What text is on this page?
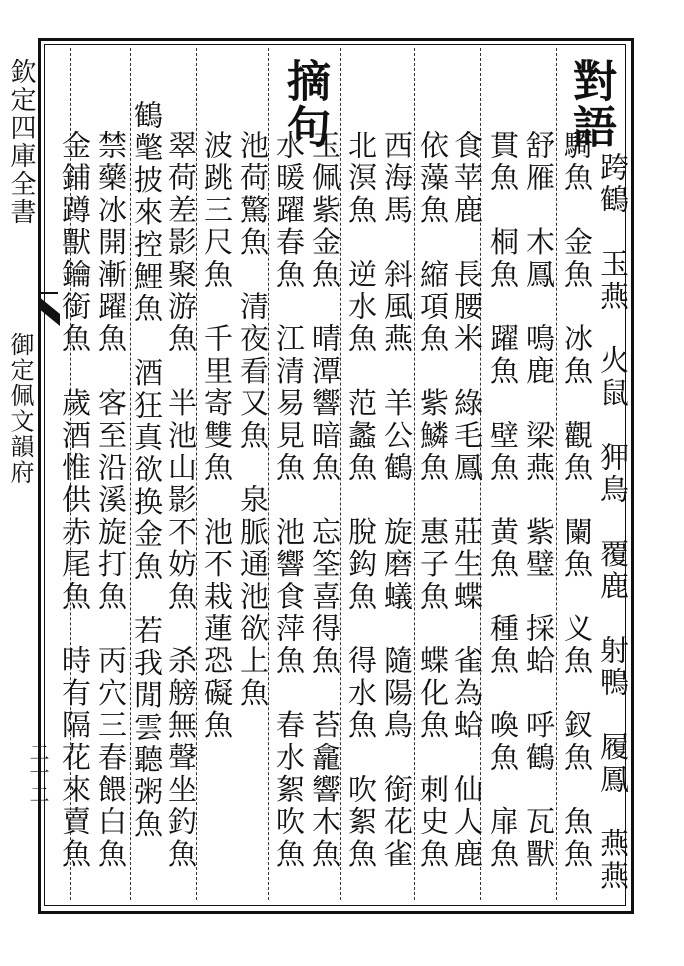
欽定四庫全書
御定佩文韻府
二十二
對語
摘句
跨鶴　玉燕　火鼠　狎鳥　覆鹿　射鴨　履鳳　燕燕
騎魚　金魚　冰魚　觀魚　闌魚　义魚　釵魚　魚魚
舒雁　木鳳　鳴鹿　梁燕　紫璧　採蛤　呼鶴　瓦獸
貫魚　桐魚　躍魚　壁魚　黄魚　種魚　喚魚　扉魚
食苹鹿　長腰米　綠毛鳳　莊生蝶　雀為蛤　仙人鹿
依藻魚　縮項魚　紫鱗魚　惠子魚　蝶化魚　刺史魚
西海馬　斜風燕　羊公鶴　旋磨蟻　隨陽鳥　銜花雀
北溟魚　逆水魚　范蠡魚　脫鈎魚　得水魚　吹絮魚
玉佩紫金魚　晴潭響暗魚　忘筌喜得魚　苔龕響木魚
水暖躍春魚　江清易見魚　池響食萍魚　春水絮吹魚
池荷驚魚　清夜看又魚　泉脈通池欲上魚
波跳三尺魚　千里寄雙魚　池不栽蓮恐礙魚
翠荷差影聚游魚　半池山影不妨魚　杀艕無聲坐釣魚
鶴氅披來控鯉魚　酒狂真欲换金魚　若我閒雲聽粥魚
禁藥冰開漸躍魚　客至沿溪旋打魚　丙穴三春餵白魚
金鋪蹲獸鑰銜魚　歲酒惟供赤尾魚　時有隔花來賣魚
